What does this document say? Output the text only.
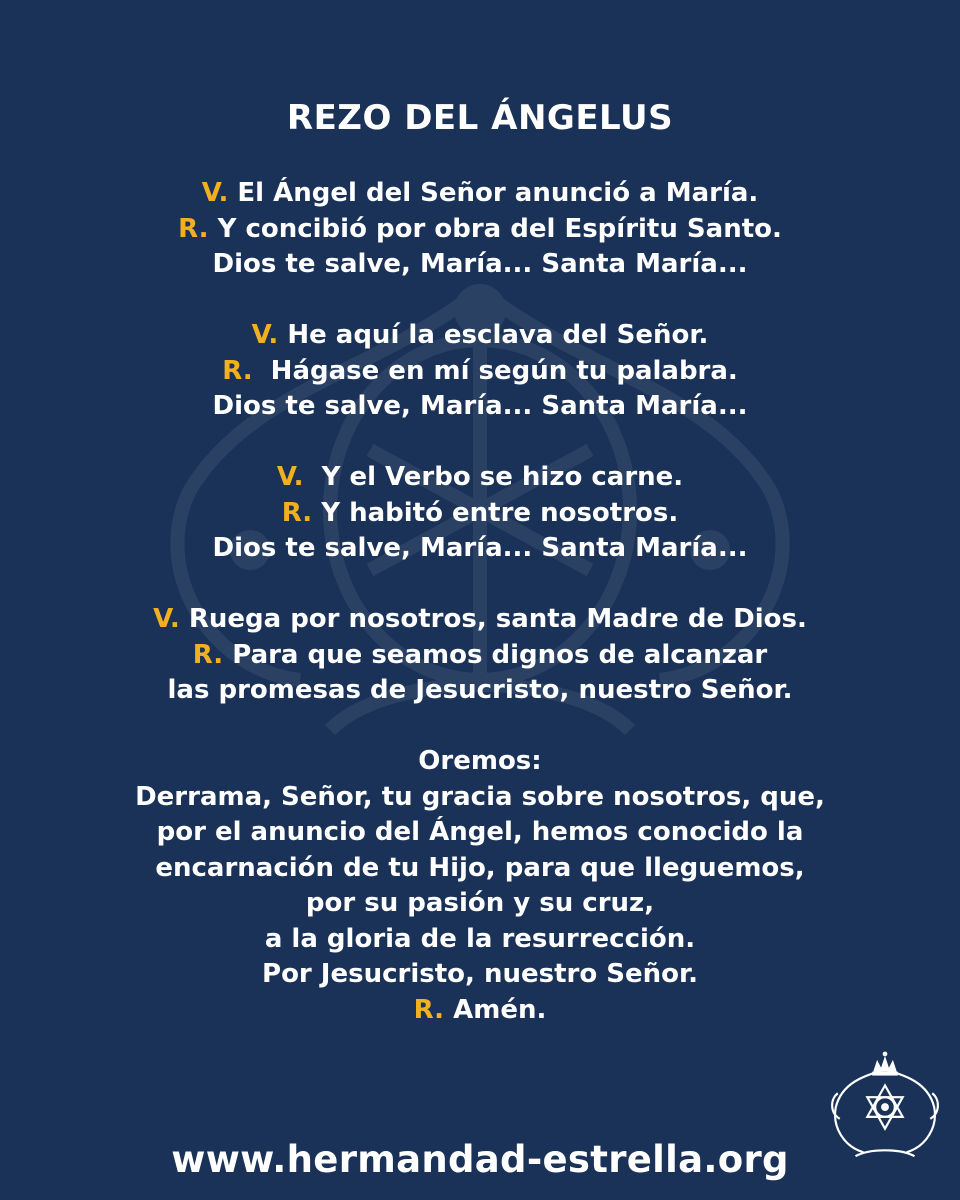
REZO DEL ÁNGELUS
V. El Ángel del Señor anunció a María.
R. Y concibió por obra del Espíritu Santo.
Dios te salve, María... Santa María...
V. He aquí la esclava del Señor.
R.  Hágase en mí según tu palabra.
Dios te salve, María... Santa María...
V.  Y el Verbo se hizo carne.
R. Y habitó entre nosotros.
Dios te salve, María... Santa María...
V. Ruega por nosotros, santa Madre de Dios.
R. Para que seamos dignos de alcanzar
las promesas de Jesucristo, nuestro Señor.
Oremos:
Derrama, Señor, tu gracia sobre nosotros, que,
por el anuncio del Ángel, hemos conocido la
encarnación de tu Hijo, para que lleguemos,
por su pasión y su cruz,
a la gloria de la resurrección.
Por Jesucristo, nuestro Señor.
R. Amén.
www.hermandad-estrella.org
